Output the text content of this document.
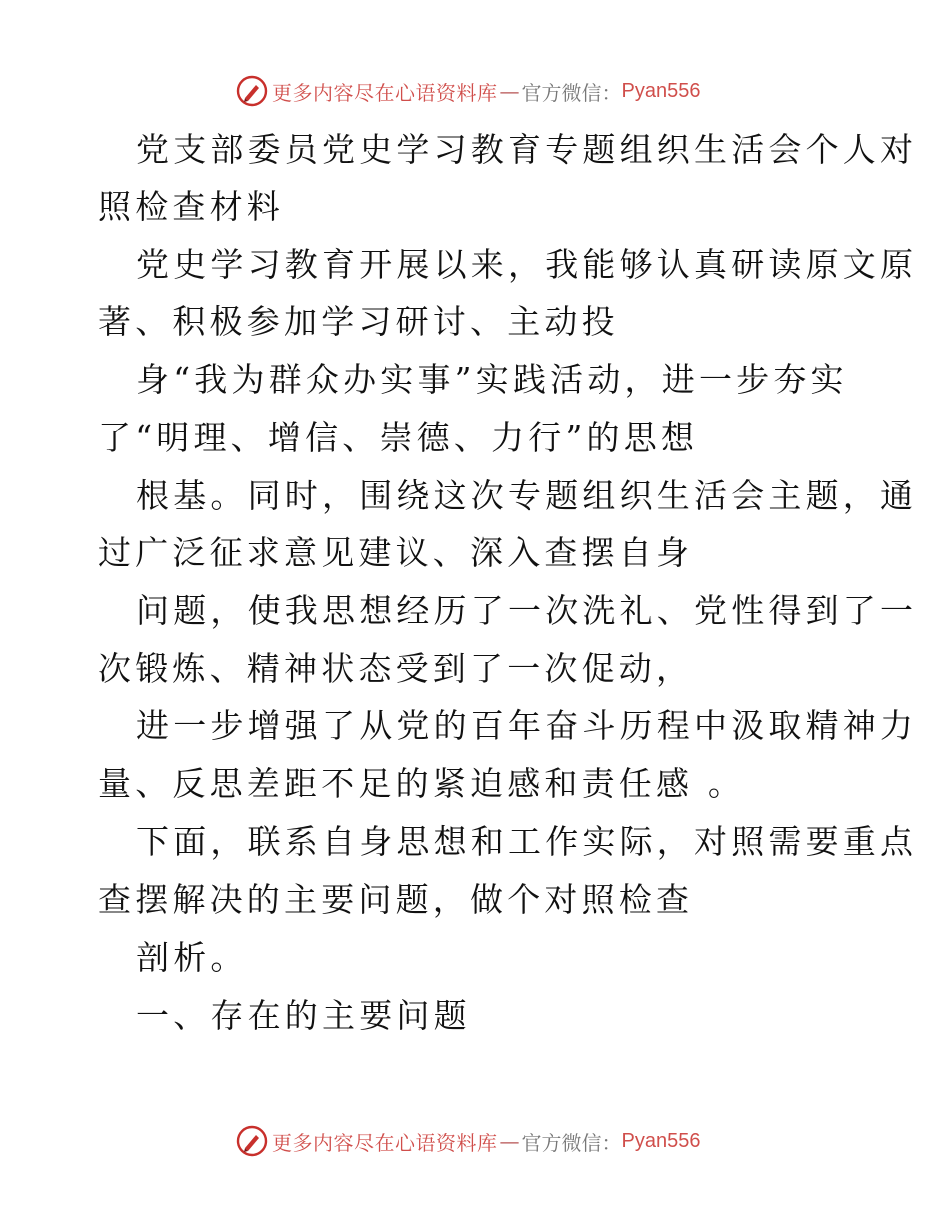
更多内容尽在心语资料库 — 官方微信： Pyan556
党支部委员党史学习教育专题组织生活会个人对
照检查材料
党史学习教育开展以来，我能够认真研读原文原
著、积极参加学习研讨、主动投
身“我为群众办实事”实践活动，进一步夯实
了“明理、增信、崇德、力行”的思想
根基。同时，围绕这次专题组织生活会主题，通
过广泛征求意见建议、深入查摆自身
问题，使我思想经历了一次洗礼、党性得到了一
次锻炼、精神状态受到了一次促动，
进一步增强了从党的百年奋斗历程中汲取精神力
量、反思差距不足的紧迫感和责任感 。
下面，联系自身思想和工作实际，对照需要重点
查摆解决的主要问题，做个对照检查
剖析。
一、存在的主要问题
更多内容尽在心语资料库 — 官方微信： Pyan556
